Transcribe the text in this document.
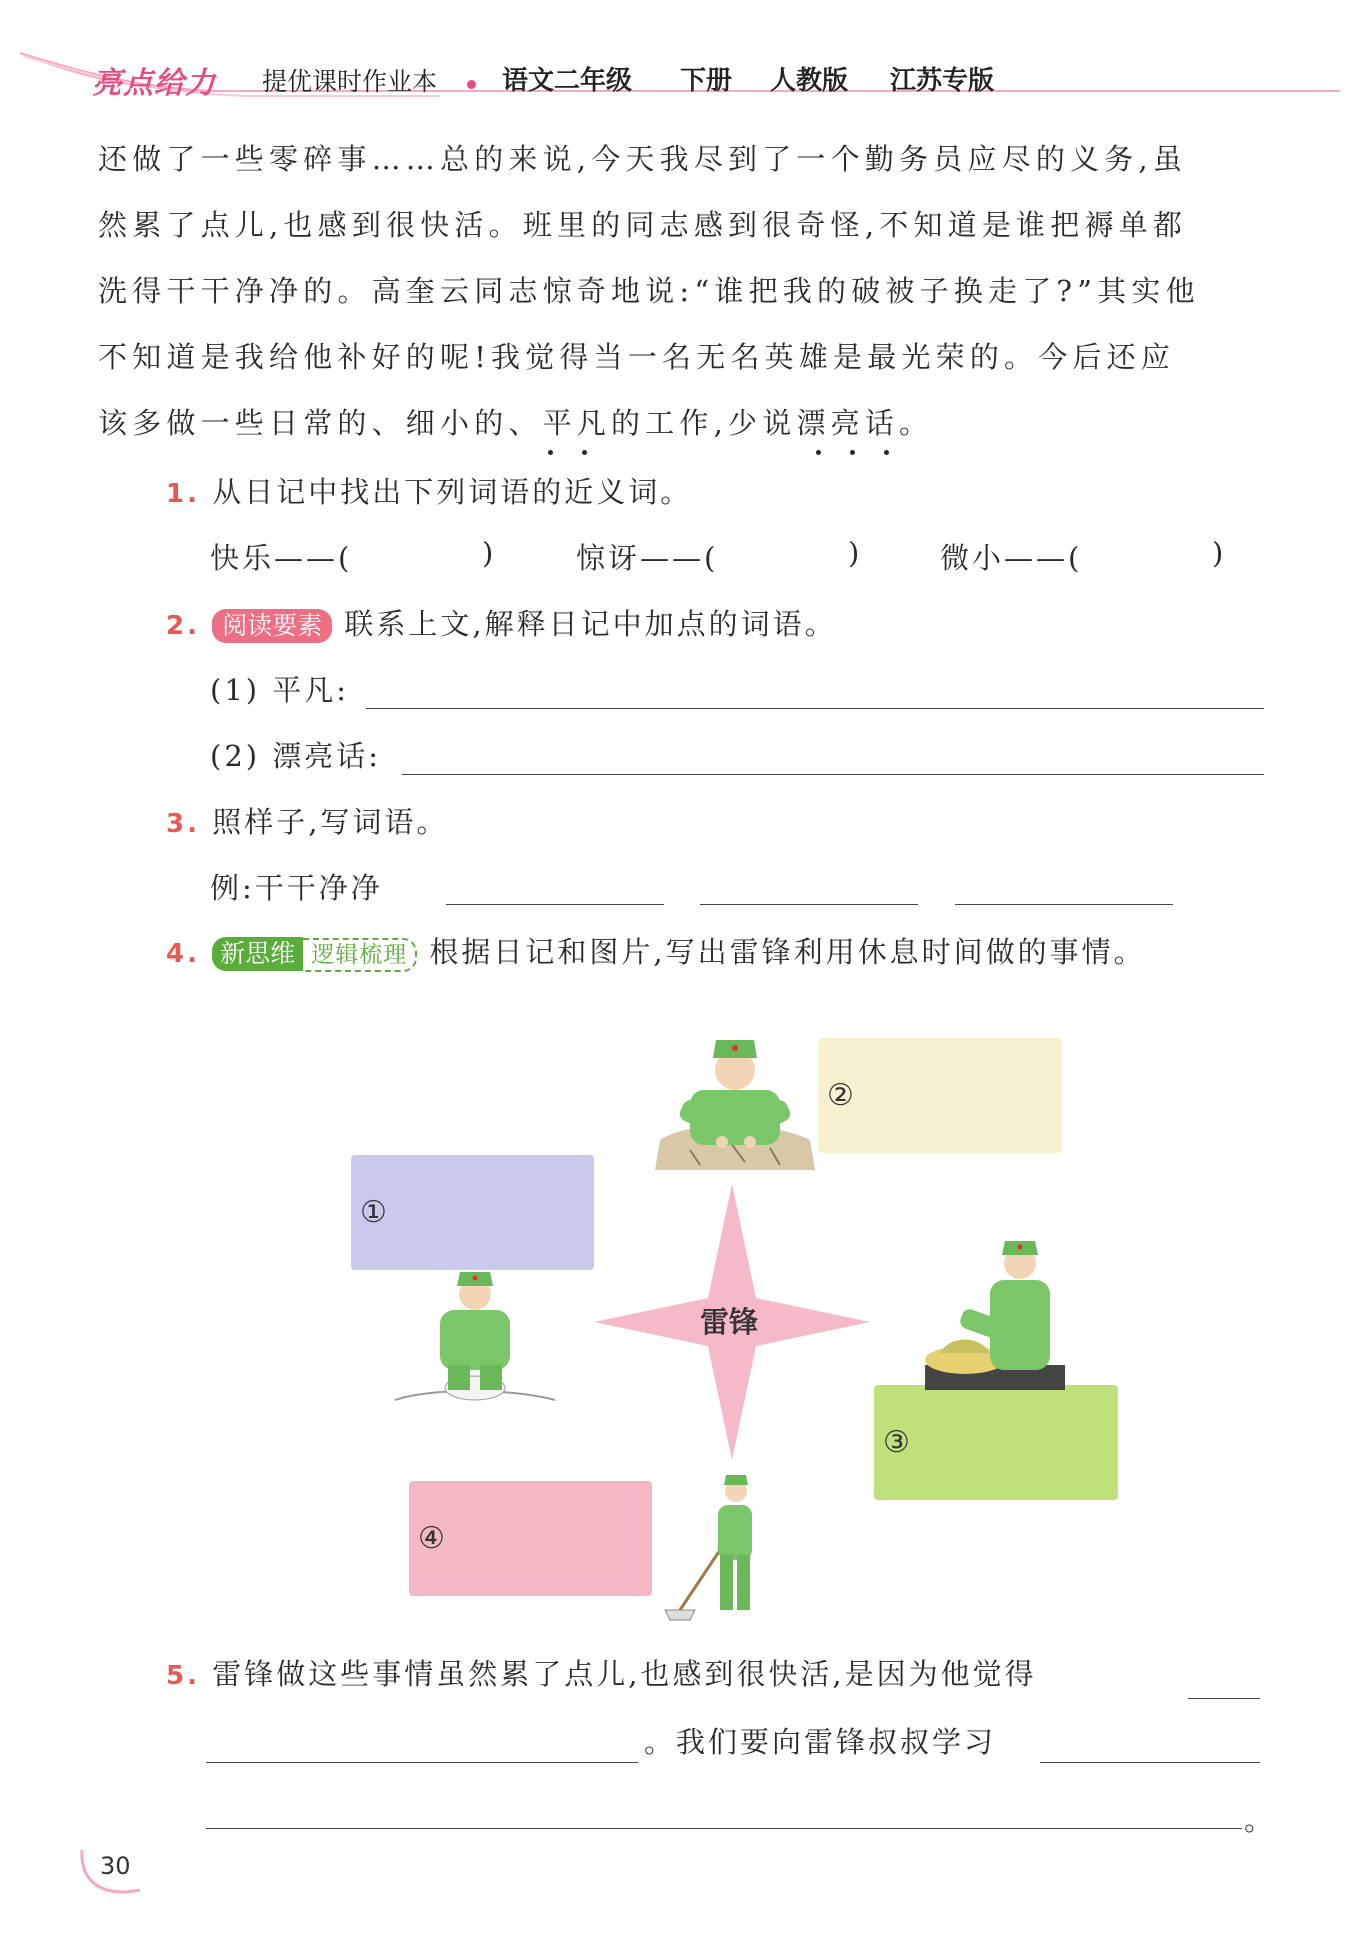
亮点给力 提优课时作业本 语文二年级 下册 人教版 江苏专版
还做了一些零碎事……总的来说,今天我尽到了一个勤务员应尽的义务,虽
然累了点儿,也感到很快活。班里的同志感到很奇怪,不知道是谁把褥单都
洗得干干净净的。高奎云同志惊奇地说:“谁把我的破被子换走了?”其实他
不知道是我给他补好的呢!我觉得当一名无名英雄是最光荣的。今后还应
该多做一些日常的、细小的、平凡的工作,少说漂亮话。
1. 从日记中找出下列词语的近义词。
快乐——(	)	惊讶——(	)	微小——(	)
2. 阅读要素 联系上文,解释日记中加点的词语。
(1) 平凡:
(2) 漂亮话:
3. 照样子,写词语。
例:干干净净
4. 新思维 逻辑梳理 根据日记和图片,写出雷锋利用休息时间做的事情。
①
②
③
④
雷锋
5. 雷锋做这些事情虽然累了点儿,也感到很快活,是因为他觉得
。我们要向雷锋叔叔学习
。
30
